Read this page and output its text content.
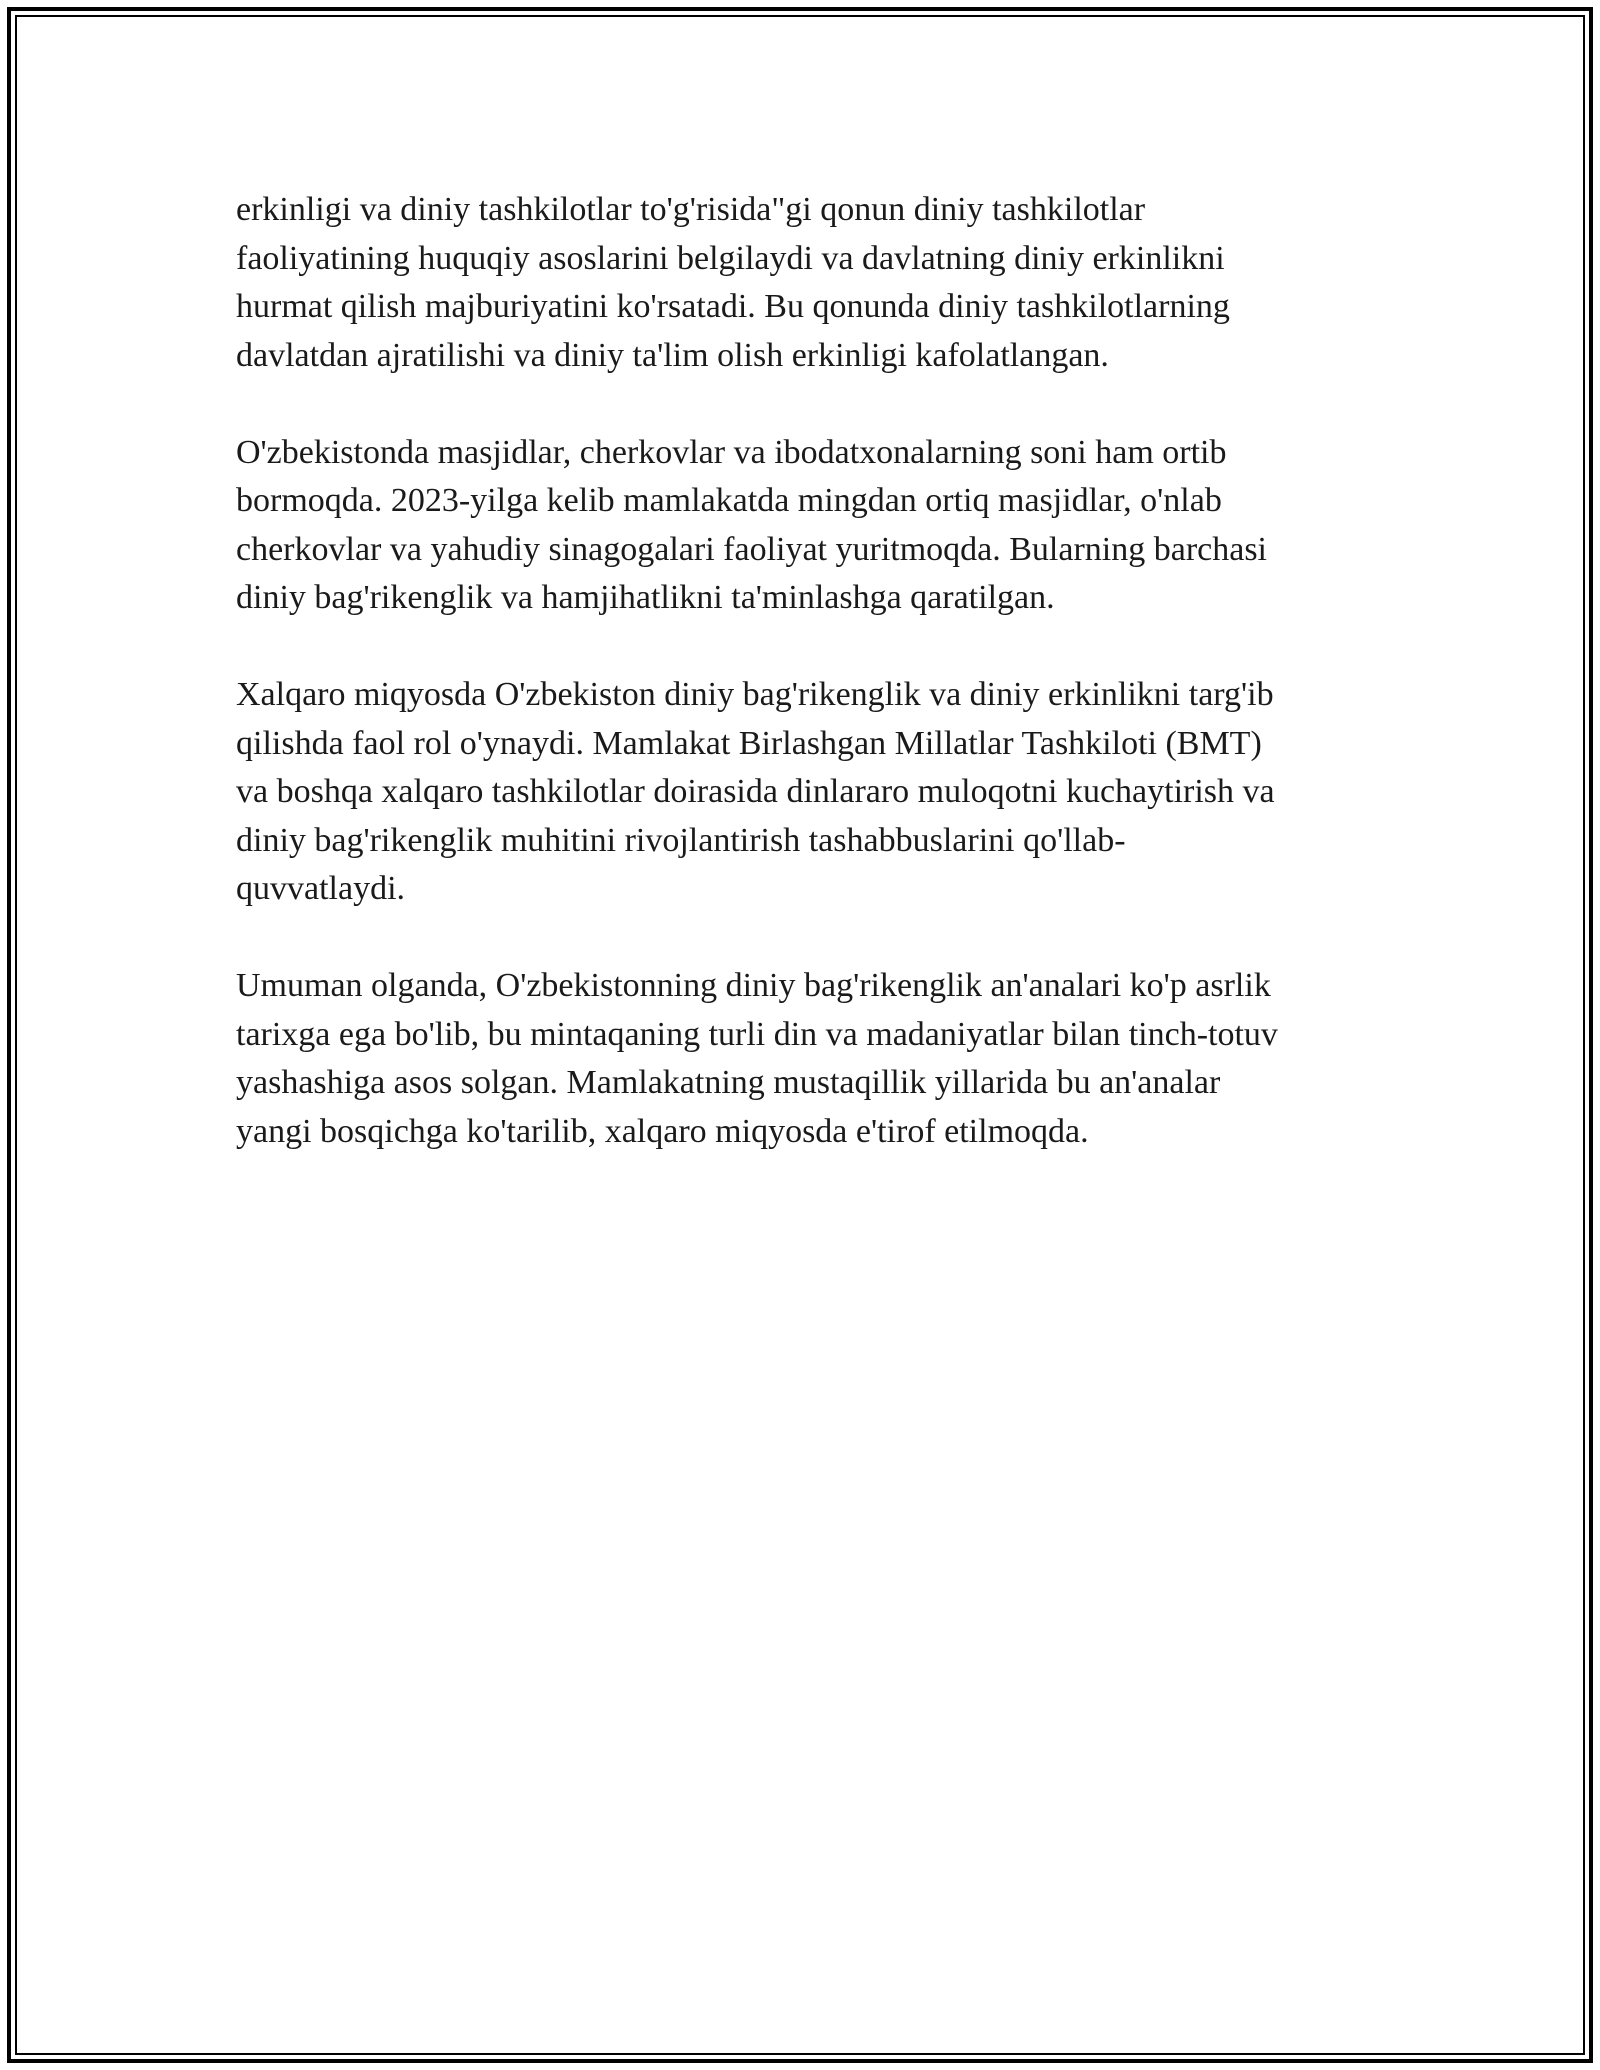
erkinligi va diniy tashkilotlar to'g'risida"gi qonun diniy tashkilotlar
faoliyatining huquqiy asoslarini belgilaydi va davlatning diniy erkinlikni
hurmat qilish majburiyatini ko'rsatadi. Bu qonunda diniy tashkilotlarning
davlatdan ajratilishi va diniy ta'lim olish erkinligi kafolatlangan.

O'zbekistonda masjidlar, cherkovlar va ibodatxonalarning soni ham ortib
bormoqda. 2023-yilga kelib mamlakatda mingdan ortiq masjidlar, o'nlab
cherkovlar va yahudiy sinagogalari faoliyat yuritmoqda. Bularning barchasi
diniy bag'rikenglik va hamjihatlikni ta'minlashga qaratilgan.

Xalqaro miqyosda O'zbekiston diniy bag'rikenglik va diniy erkinlikni targ'ib
qilishda faol rol o'ynaydi. Mamlakat Birlashgan Millatlar Tashkiloti (BMT)
va boshqa xalqaro tashkilotlar doirasida dinlararo muloqotni kuchaytirish va
diniy bag'rikenglik muhitini rivojlantirish tashabbuslarini qo'llab-
quvvatlaydi.

Umuman olganda, O'zbekistonning diniy bag'rikenglik an'analari ko'p asrlik
tarixga ega bo'lib, bu mintaqaning turli din va madaniyatlar bilan tinch-totuv
yashashiga asos solgan. Mamlakatning mustaqillik yillarida bu an'analar
yangi bosqichga ko'tarilib, xalqaro miqyosda e'tirof etilmoqda.
